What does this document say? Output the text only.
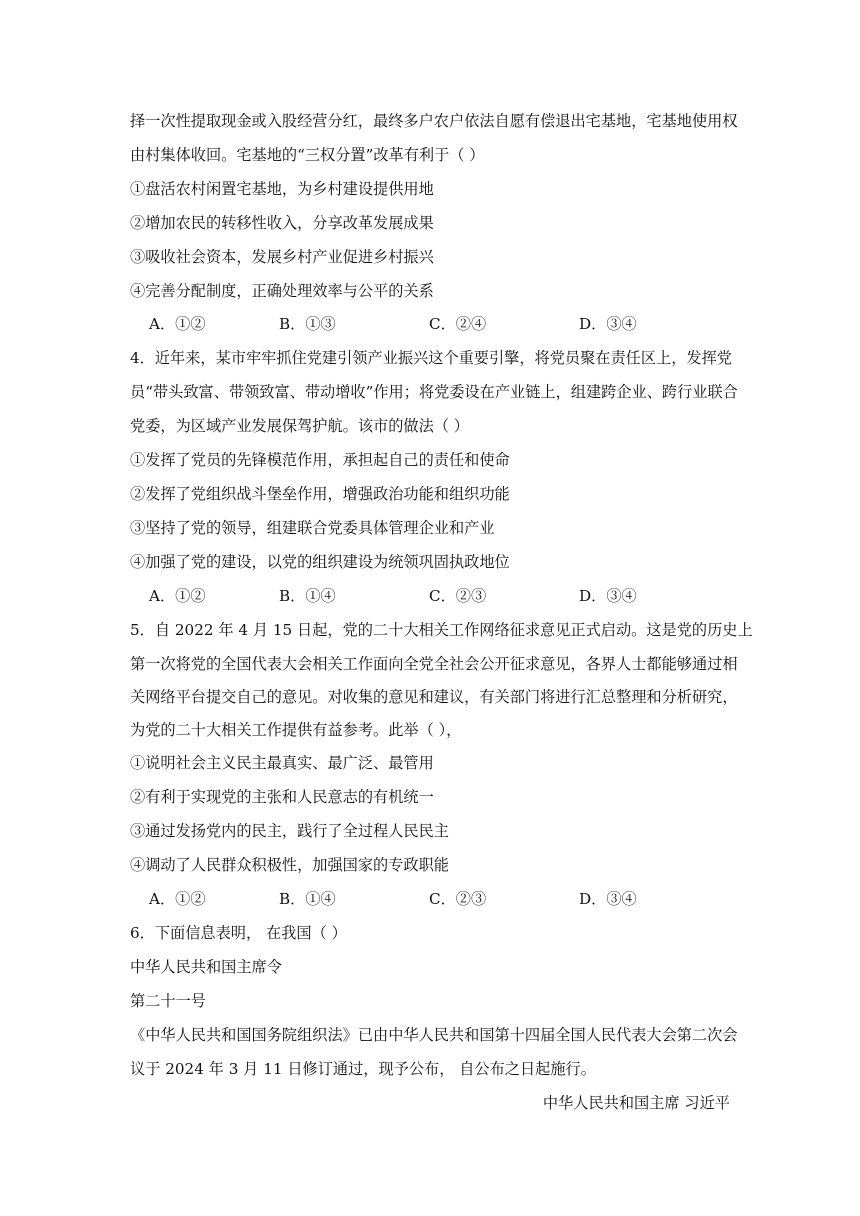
择一次性提取现金或入股经营分红，最终多户农户依法自愿有偿退出宅基地，宅基地使用权
由村集体收回。宅基地的“三权分置”改革有利于（ ）
①盘活农村闲置宅基地，为乡村建设提供用地
②增加农民的转移性收入，分享改革发展成果
③吸收社会资本，发展乡村产业促进乡村振兴
④完善分配制度，正确处理效率与公平的关系
A．①②	B．①③	C．②④	D．③④
4．近年来，某市牢牢抓住党建引领产业振兴这个重要引擎，将党员聚在责任区上，发挥党
员“带头致富、带领致富、带动增收”作用；将党委设在产业链上，组建跨企业、跨行业联合
党委，为区域产业发展保驾护航。该市的做法（ ）
①发挥了党员的先锋模范作用，承担起自己的责任和使命
②发挥了党组织战斗堡垒作用，增强政治功能和组织功能
③坚持了党的领导，组建联合党委具体管理企业和产业
④加强了党的建设，以党的组织建设为统领巩固执政地位
A．①②	B．①④	C．②③	D．③④
5．自 2022 年 4 月 15 日起，党的二十大相关工作网络征求意见正式启动。这是党的历史上
第一次将党的全国代表大会相关工作面向全党全社会公开征求意见，各界人士都能够通过相
关网络平台提交自己的意见。对收集的意见和建议，有关部门将进行汇总整理和分析研究，
为党的二十大相关工作提供有益参考。此举（ ），
①说明社会主义民主最真实、最广泛、最管用
②有利于实现党的主张和人民意志的有机统一
③通过发扬党内的民主，践行了全过程人民民主
④调动了人民群众积极性，加强国家的专政职能
A．①②	B．①④	C．②③	D．③④
6．下面信息表明， 在我国（ ）
中华人民共和国主席令
第二十一号
《中华人民共和国国务院组织法》已由中华人民共和国第十四届全国人民代表大会第二次会
议于 2024 年 3 月 11 日修订通过，现予公布， 自公布之日起施行。
中华人民共和国主席 习近平
